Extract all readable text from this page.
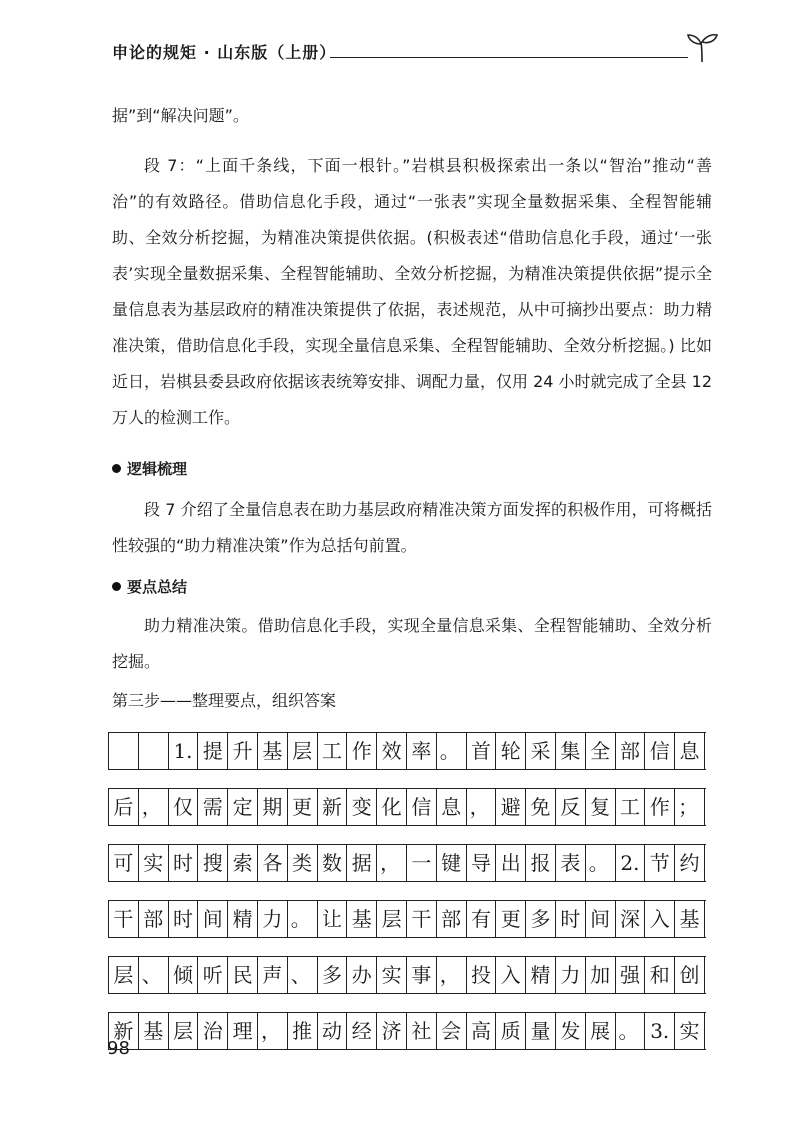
申论的规矩 · 山东版（上册）

据”到“解决问题”。

段 7：“上面千条线，下面一根针。”岩棋县积极探索出一条以“智治”推动“善治”的有效路径。借助信息化手段，通过“一张表”实现全量数据采集、全程智能辅助、全效分析挖掘，为精准决策提供依据。(积极表述“借助信息化手段，通过‘一张表’实现全量数据采集、全程智能辅助、全效分析挖掘，为精准决策提供依据”提示全量信息表为基层政府的精准决策提供了依据，表述规范，从中可摘抄出要点：助力精准决策，借助信息化手段，实现全量信息采集、全程智能辅助、全效分析挖掘。) 比如近日，岩棋县委县政府依据该表统筹安排、调配力量，仅用 24 小时就完成了全县 12 万人的检测工作。

逻辑梳理

段 7 介绍了全量信息表在助力基层政府精准决策方面发挥的积极作用，可将概括性较强的“助力精准决策”作为总括句前置。

要点总结

助力精准决策。借助信息化手段，实现全量信息采集、全程智能辅助、全效分析挖掘。

第三步——整理要点，组织答案
1. 提 升 基 层 工 作 效 率 。 首 轮 采 集 全 部 信 息
后 ， 仅 需 定 期 更 新 变 化 信 息 ， 避 免 反 复 工 作 ；
可 实 时 搜 索 各 类 数 据 ， 一 键 导 出 报 表 。 2. 节 约
干 部 时 间 精 力 。 让 基 层 干 部 有 更 多 时 间 深 入 基
层 、 倾 听 民 声 、 多 办 实 事 ， 投 入 精 力 加 强 和 创
新 基 层 治 理 ， 推 动 经 济 社 会 高 质 量 发 展 。 3. 实
98
